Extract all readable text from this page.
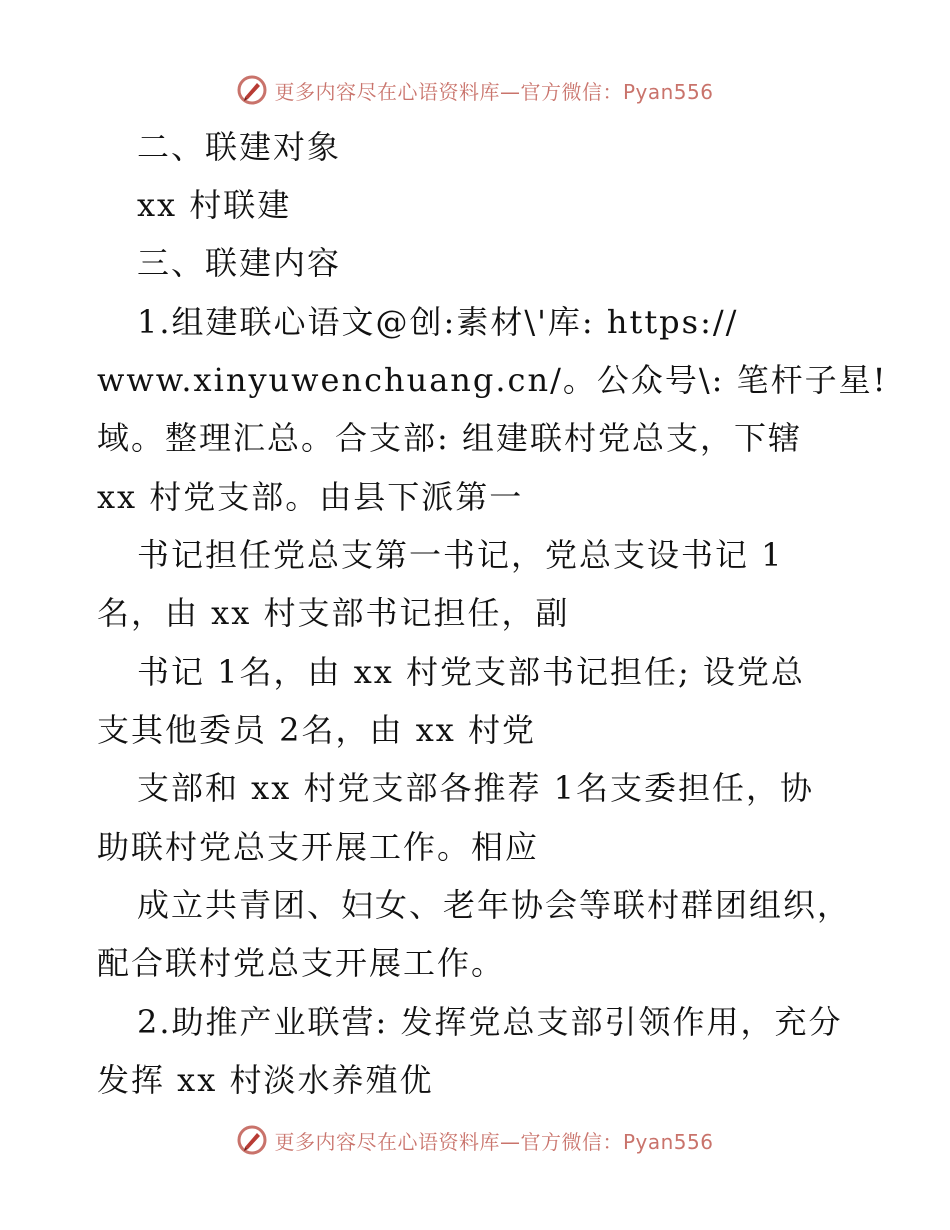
更多内容尽在心语资料库—官方微信：Pyan556
二、联建对象
xx 村联建
三、联建内容
1.组建联心语文@创:素材\'库: https://
www.xinyuwenchuang.cn/。公众号\: 笔杆子星!
域。整理汇总。合支部: 组建联村党总支，下辖
xx 村党支部。由县下派第一
书记担任党总支第一书记，党总支设书记 1
名，由 xx 村支部书记担任，副
书记 1名，由 xx 村党支部书记担任; 设党总
支其他委员 2名，由 xx 村党
支部和 xx 村党支部各推荐 1名支委担任，协
助联村党总支开展工作。相应
成立共青团、妇女、老年协会等联村群团组织，
配合联村党总支开展工作。
2.助推产业联营: 发挥党总支部引领作用，充分
发挥 xx 村淡水养殖优
更多内容尽在心语资料库—官方微信：Pyan556
